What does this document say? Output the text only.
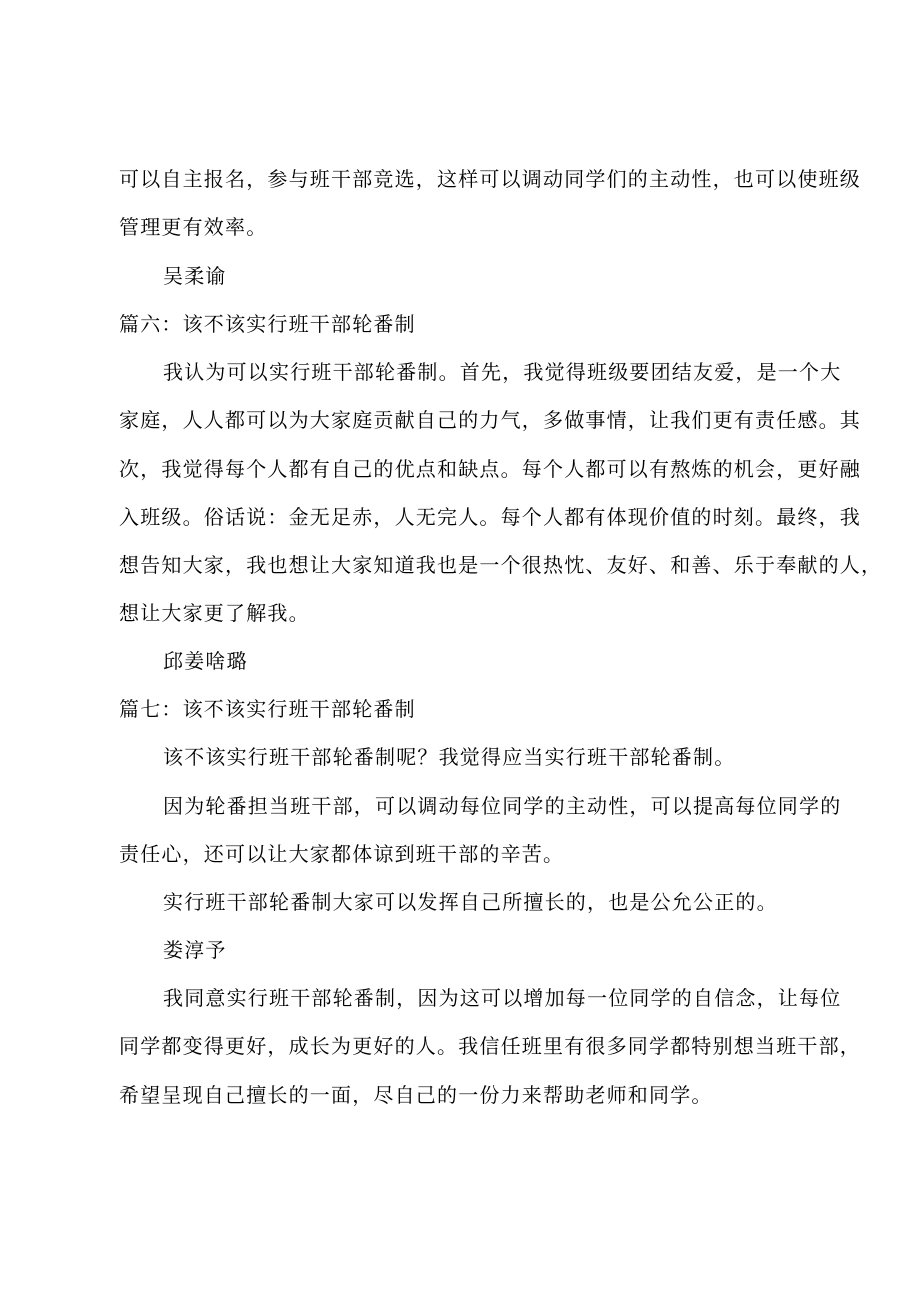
可以自主报名，参与班干部竞选，这样可以调动同学们的主动性，也可以使班级
管理更有效率。
吴柔谕
篇六：该不该实行班干部轮番制
我认为可以实行班干部轮番制。首先，我觉得班级要团结友爱，是一个大
家庭，人人都可以为大家庭贡献自己的力气，多做事情，让我们更有责任感。其
次，我觉得每个人都有自己的优点和缺点。每个人都可以有熬炼的机会，更好融
入班级。俗话说：金无足赤，人无完人。每个人都有体现价值的时刻。最终，我
想告知大家，我也想让大家知道我也是一个很热忱、友好、和善、乐于奉献的人，
想让大家更了解我。
邱姜啥璐
篇七：该不该实行班干部轮番制
该不该实行班干部轮番制呢？我觉得应当实行班干部轮番制。
因为轮番担当班干部，可以调动每位同学的主动性，可以提高每位同学的
责任心，还可以让大家都体谅到班干部的辛苦。
实行班干部轮番制大家可以发挥自己所擅长的，也是公允公正的。
娄淳予
我同意实行班干部轮番制，因为这可以增加每一位同学的自信念，让每位
同学都变得更好，成长为更好的人。我信任班里有很多同学都特别想当班干部，
希望呈现自己擅长的一面，尽自己的一份力来帮助老师和同学。
